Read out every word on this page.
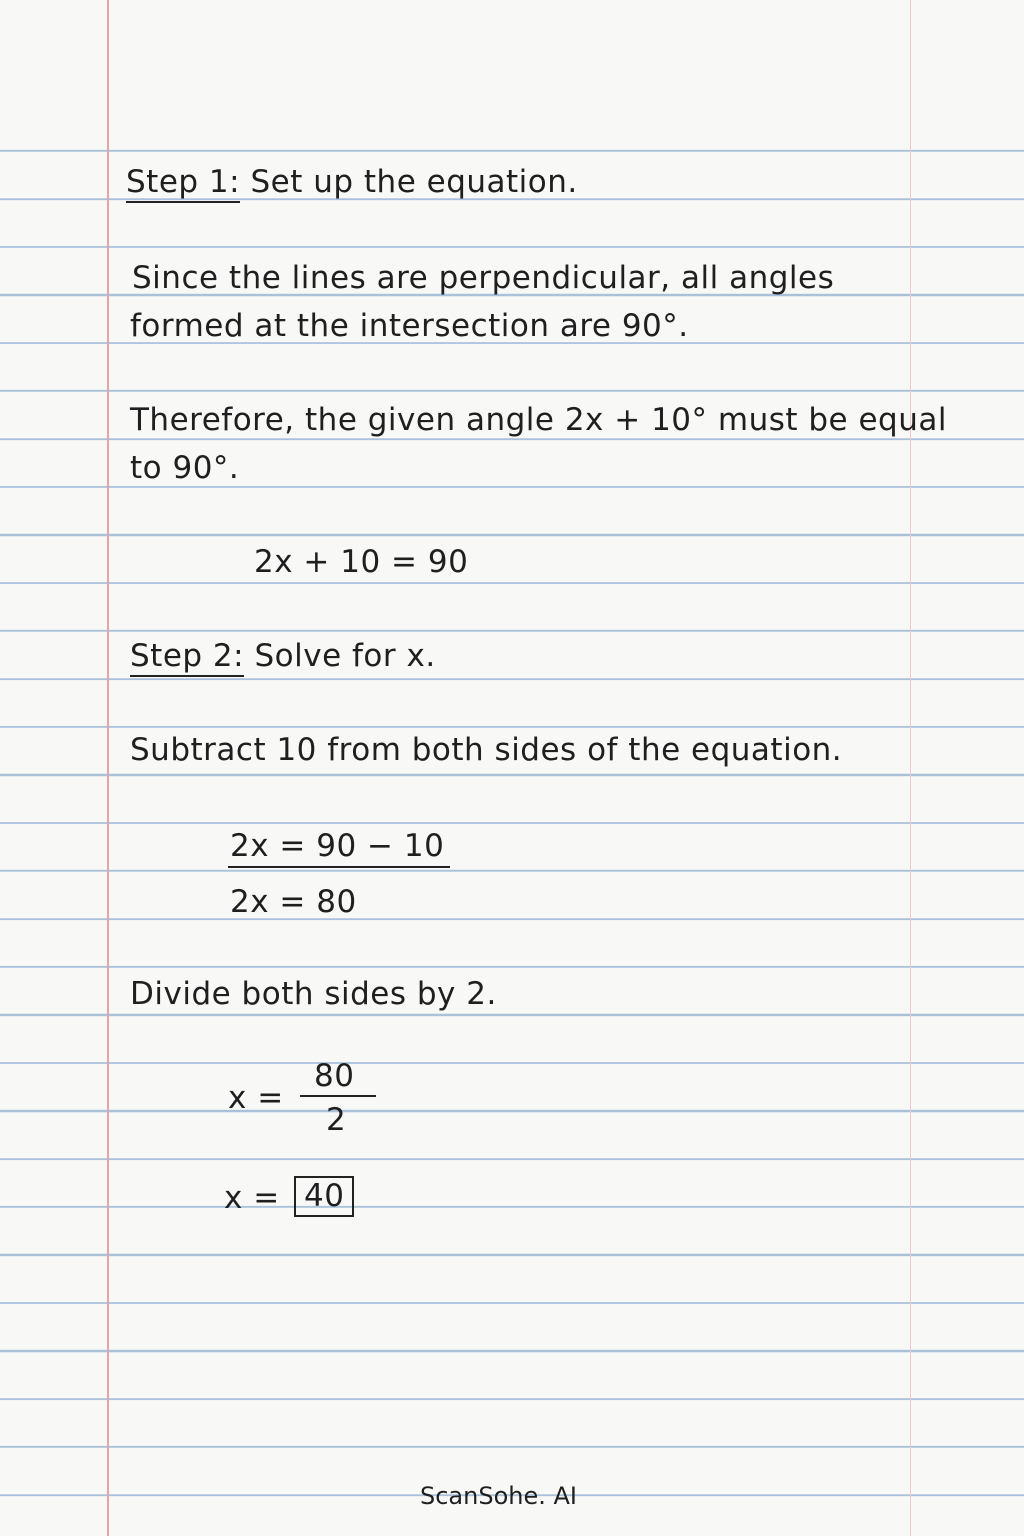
Step 1: Set up the equation.
Since the lines are perpendicular, all angles
formed at the intersection are 90°.
Therefore, the given angle 2x + 10° must be equal
to 90°.
2x + 10 = 90
Step 2: Solve for x.
Subtract 10 from both sides of the equation.
2x = 90 − 10
2x = 80
Divide both sides by 2.
x =
80
2
x = 40
ScanSohe. AI
